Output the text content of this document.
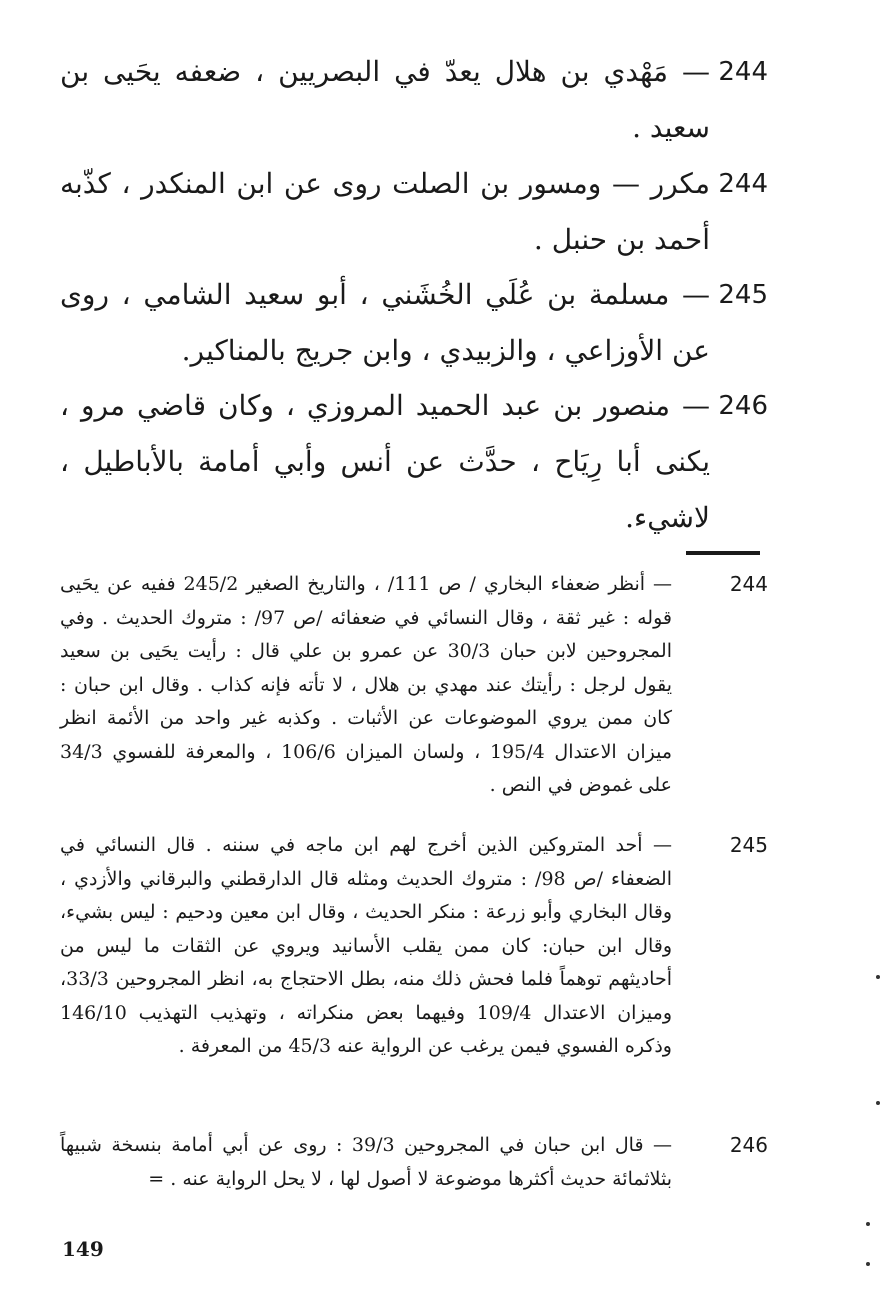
244
— مَهْدي بن هلال يعدّ في البصريين ، ضعفه يحَيى بن سعيد .
244
مكرر — ومسور بن الصلت روى عن ابن المنكدر ، كذّبه أحمد بن حنبل .
245
— مسلمة بن عُلَي الخُشَني ، أبو سعيد الشامي ، روى عن الأوزاعي ، والزبيدي ، وابن جريج بالمناكير.
246
— منصور بن عبد الحميد المروزي ، وكان قاضي مرو ، يكنى أبا رِيَاح ، حدَّث عن أنس وأبي أمامة بالأباطيل ، لاشيء.
244
— أنظر ضعفاء البخاري / ص 111/ ، والتاريخ الصغير 245/2 ففيه عن يحَيى قوله : غير ثقة ، وقال النسائي في ضعفائه /ص 97/ : متروك الحديث . وفي المجروحين لابن حبان 30/3 عن عمرو بن علي قال : رأيت يحَيى بن سعيد يقول لرجل : رأيتك عند مهدي بن هلال ، لا تأته فإنه كذاب . وقال ابن حبان : كان ممن يروي الموضوعات عن الأثبات . وكذبه غير واحد من الأئمة انظر ميزان الاعتدال 195/4 ، ولسان الميزان 106/6 ، والمعرفة للفسوي 34/3 على غموض في النص .
245
— أحد المتروكين الذين أخرج لهم ابن ماجه في سننه . قال النسائي في الضعفاء /ص 98/ : متروك الحديث ومثله قال الدارقطني والبرقاني والأزدي ، وقال البخاري وأبو زرعة : منكر الحديث ، وقال ابن معين ودحيم : ليس بشيء، وقال ابن حبان: كان ممن يقلب الأسانيد ويروي عن الثقات ما ليس من أحاديثهم توهماً فلما فحش ذلك منه، بطل الاحتجاج به، انظر المجروحين 33/3، وميزان الاعتدال 109/4 وفيهما بعض منكراته ، وتهذيب التهذيب 146/10 وذكره الفسوي فيمن يرغب عن الرواية عنه 45/3 من المعرفة .
246
— قال ابن حبان في المجروحين 39/3 : روى عن أبي أمامة بنسخة شبيهاً بثلاثمائة حديث أكثرها موضوعة لا أصول لها ، لا يحل الرواية عنه . =
149
